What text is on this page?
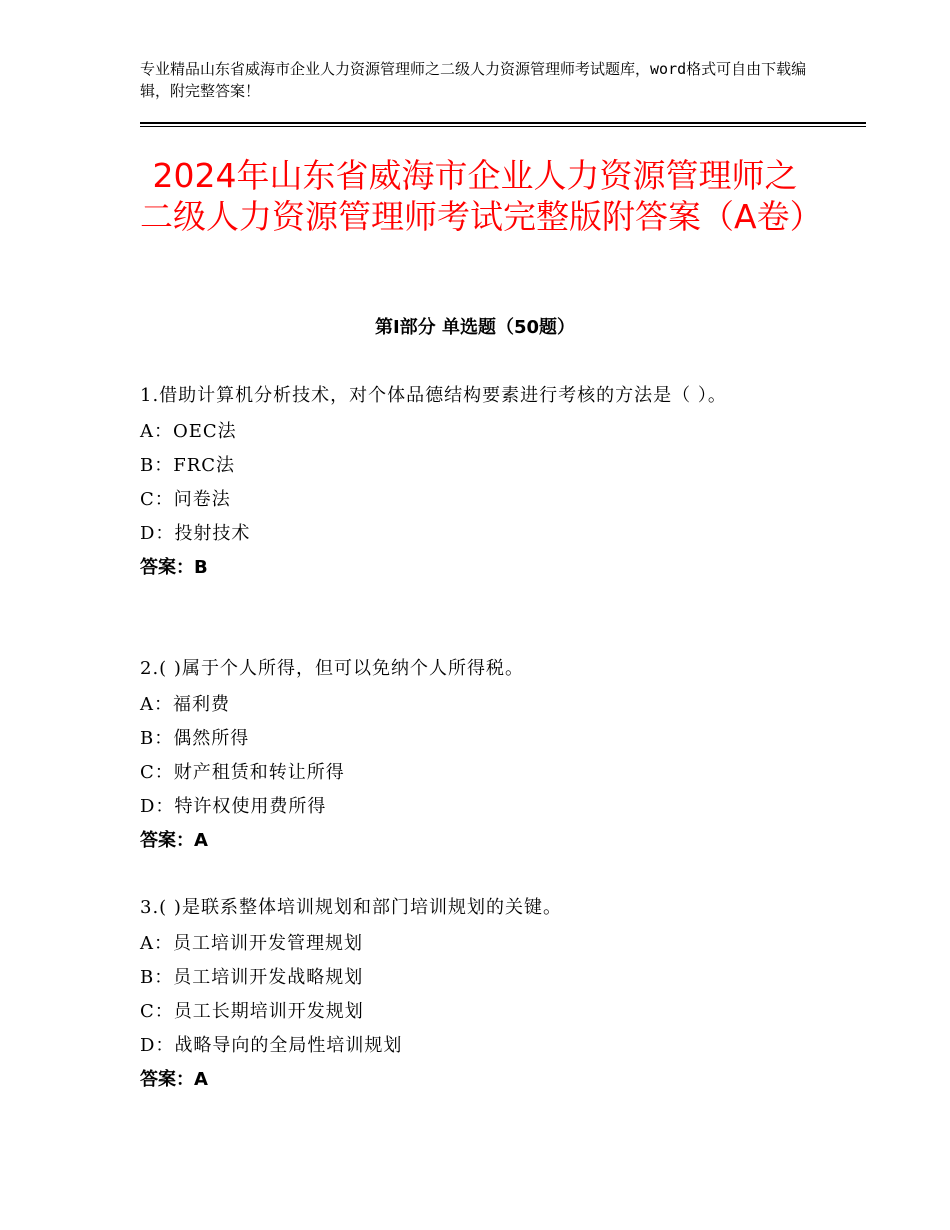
专业精品山东省威海市企业人力资源管理师之二级人力资源管理师考试题库，word格式可自由下载编辑，附完整答案！
2024年山东省威海市企业人力资源管理师之二级人力资源管理师考试完整版附答案（A卷）
第Ⅰ部分 单选题（50题）

1.借助计算机分析技术，对个体品德结构要素进行考核的方法是（ ）。

A：OEC法

B：FRC法

C：问卷法

D：投射技术

答案：B

2.( )属于个人所得，但可以免纳个人所得税。

A：福利费

B：偶然所得

C：财产租赁和转让所得

D：特许权使用费所得

答案：A

3.( )是联系整体培训规划和部门培训规划的关键。

A：员工培训开发管理规划

B：员工培训开发战略规划

C：员工长期培训开发规划

D：战略导向的全局性培训规划

答案：A
